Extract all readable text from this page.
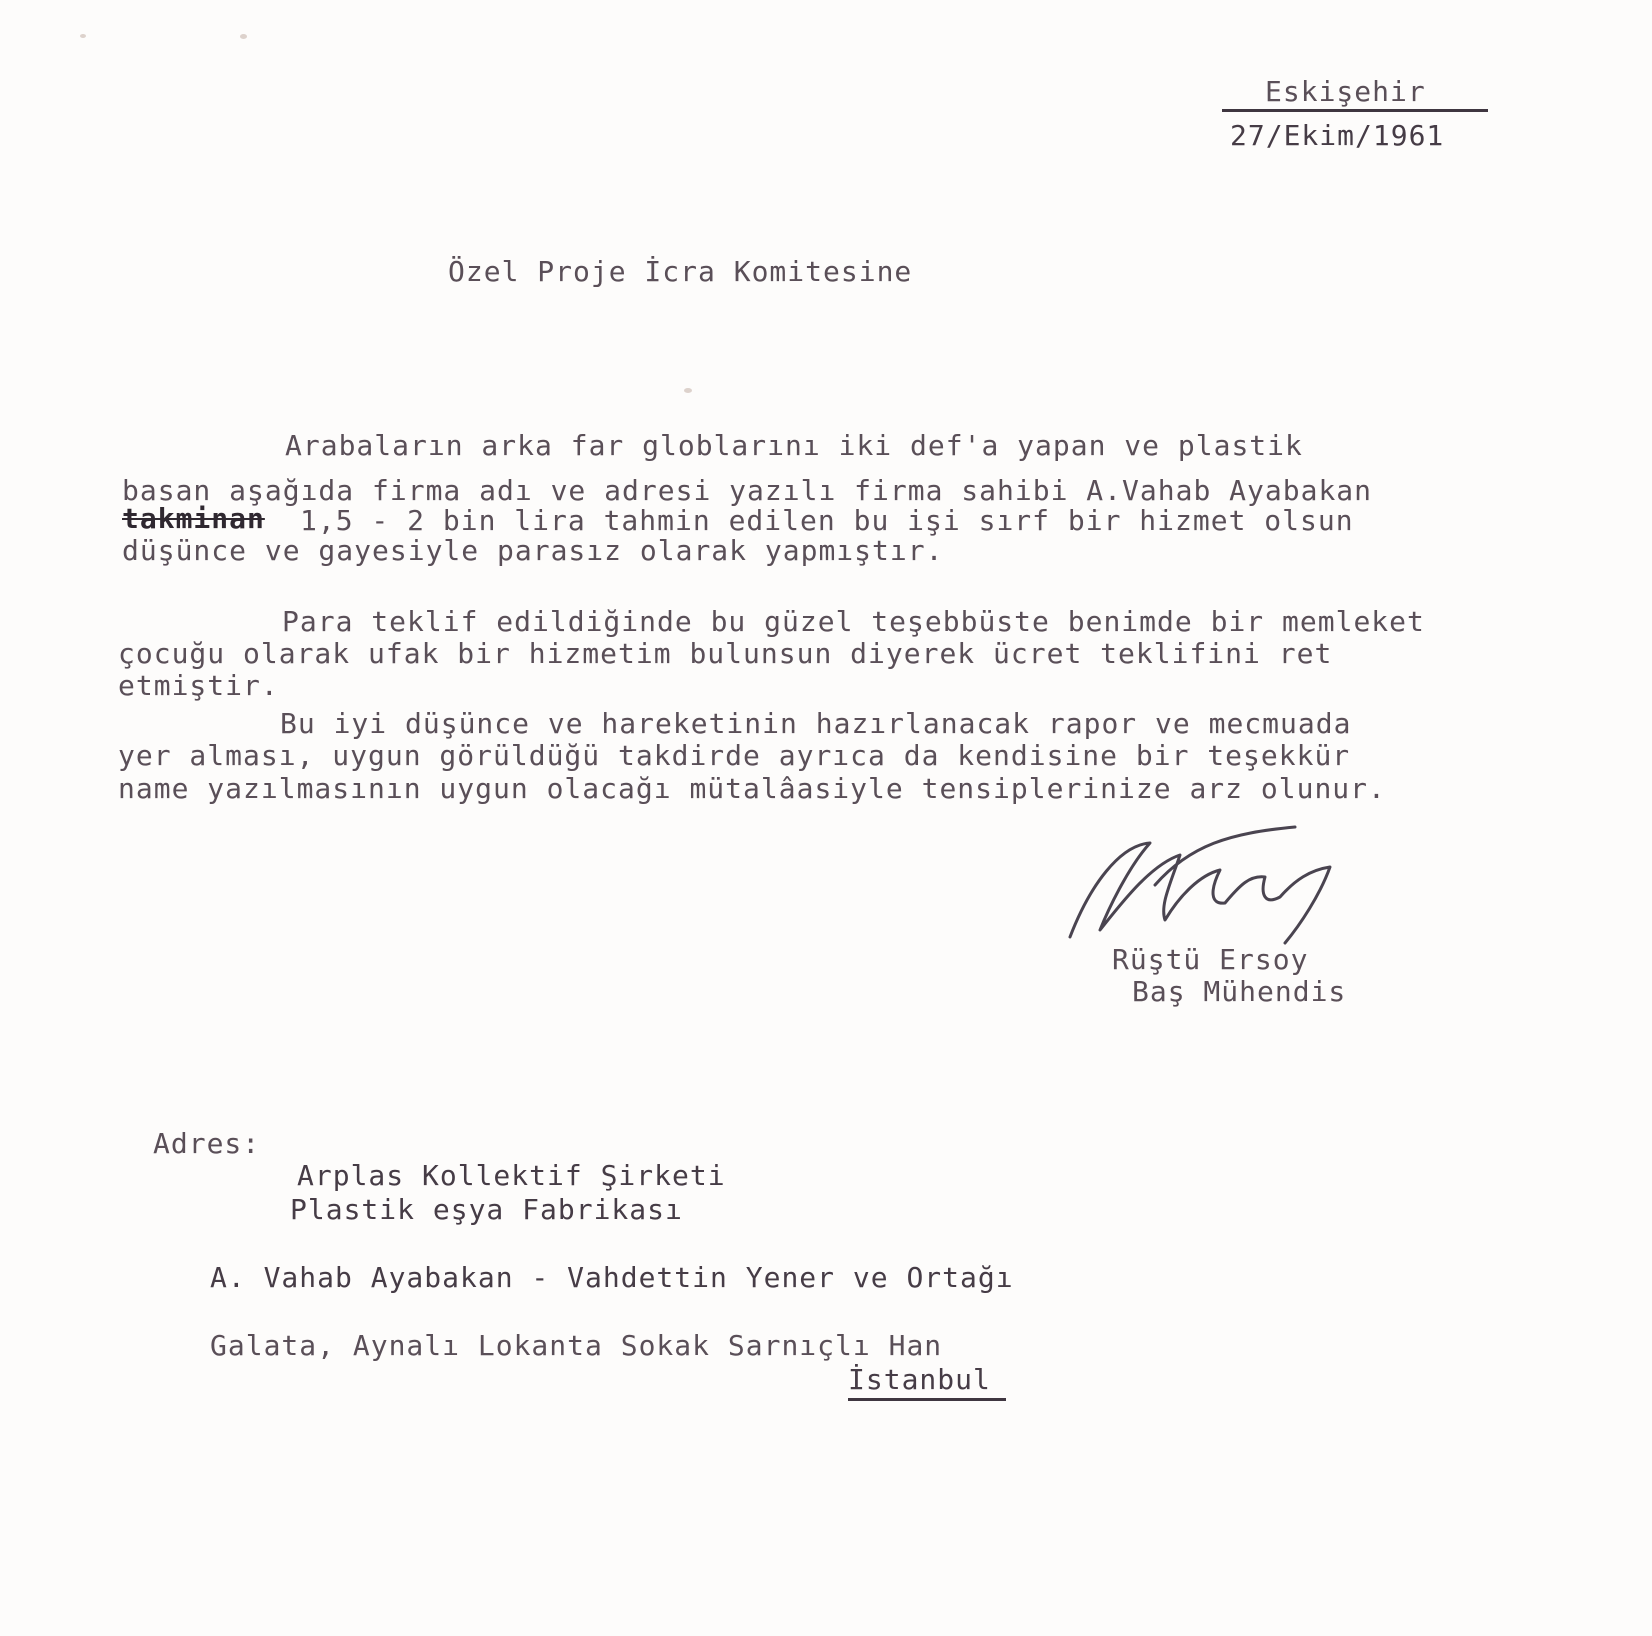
Eskişehir
27/Ekim/1961
Özel Proje İcra Komitesine
Arabaların arka far globlarını iki def'a yapan ve plastik
basan aşağıda firma adı ve adresi yazılı firma sahibi A.Vahab Ayabakan
takminan 1,5 - 2 bin lira tahmin edilen bu işi sırf bir hizmet olsun
düşünce ve gayesiyle parasız olarak yapmıştır.
Para teklif edildiğinde bu güzel teşebbüste benimde bir memleket
çocuğu olarak ufak bir hizmetim bulunsun diyerek ücret teklifini ret
etmiştir.
Bu iyi düşünce ve hareketinin hazırlanacak rapor ve mecmuada
yer alması, uygun görüldüğü takdirde ayrıca da kendisine bir teşekkür
name yazılmasının uygun olacağı mütalâasiyle tensiplerinize arz olunur.
Rüştü Ersoy
Baş Mühendis
Adres:
Arplas Kollektif Şirketi
Plastik eşya Fabrikası
A. Vahab Ayabakan - Vahdettin Yener ve Ortağı
Galata, Aynalı Lokanta Sokak Sarnıçlı Han
İstanbul
